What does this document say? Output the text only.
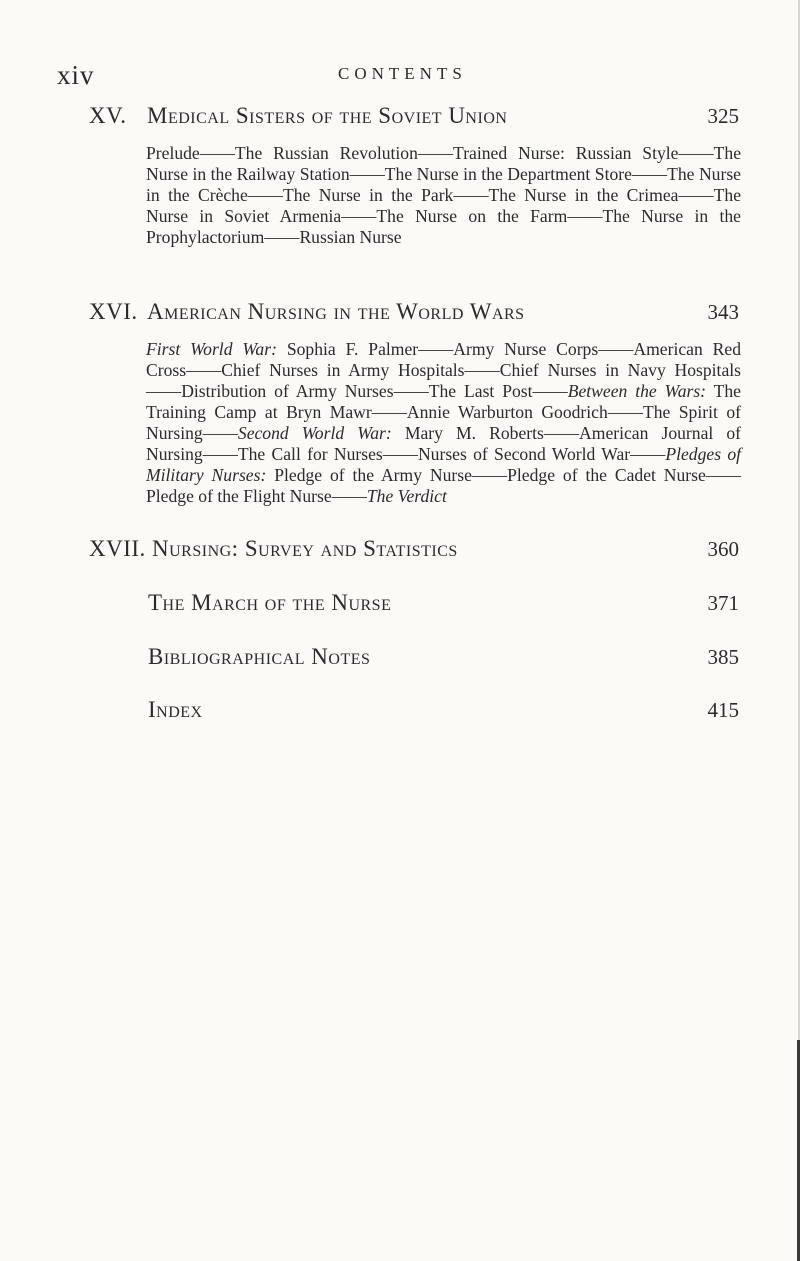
xiv	CONTENTS
XV. Medical Sisters of the Soviet Union	325
Prelude——The Russian Revolution——Trained Nurse: Russian Style——The Nurse in the Railway Station——The Nurse in the Department Store——The Nurse in the Crèche——The Nurse in the Park——The Nurse in the Crimea——The Nurse in Soviet Armenia——The Nurse on the Farm——The Nurse in the Prophylactorium——Russian Nurse
XVI. American Nursing in the World Wars	343
First World War: Sophia F. Palmer——Army Nurse Corps——American Red Cross——Chief Nurses in Army Hospitals——Chief Nurses in Navy Hospitals——Distribution of Army Nurses——The Last Post——Between the Wars: The Training Camp at Bryn Mawr——Annie Warburton Goodrich——The Spirit of Nursing——Second World War: Mary M. Roberts——American Journal of Nursing——The Call for Nurses——Nurses of Second World War——Pledges of Military Nurses: Pledge of the Army Nurse——Pledge of the Cadet Nurse——Pledge of the Flight Nurse——The Verdict
XVII. Nursing: Survey and Statistics	360
The March of the Nurse	371
Bibliographical Notes	385
Index	415
